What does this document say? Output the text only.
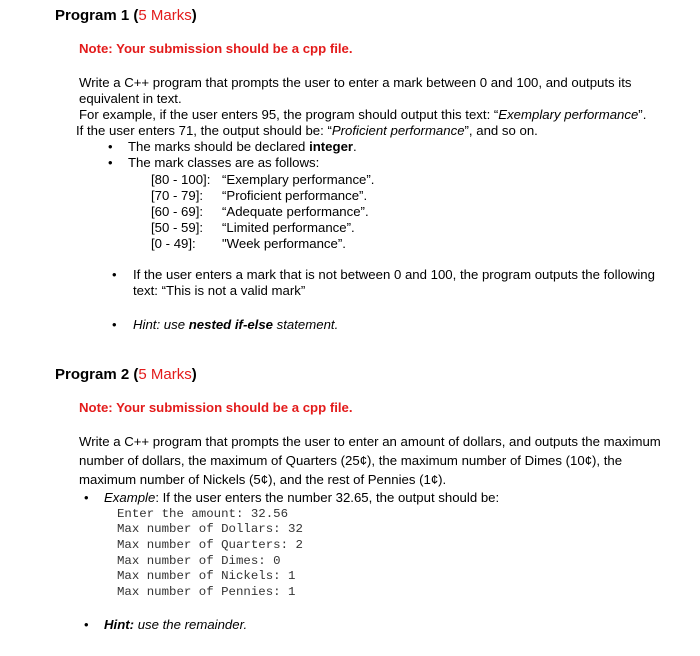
Program 1 (5 Marks)
Note: Your submission should be a cpp file.
Write a C++ program that prompts the user to enter a mark between 0 and 100, and outputs its
equivalent in text.
For example, if the user enters 95, the program should output this text: “Exemplary performance”.
If the user enters 71, the output should be: “Proficient performance”, and so on.
• The marks should be declared integer.
• The mark classes are as follows:
[80 - 100]: “Exemplary performance”.
[70 - 79]: “Proficient performance”.
[60 - 69]: “Adequate performance”.
[50 - 59]: “Limited performance”.
[0 - 49]: "Week performance”.
• If the user enters a mark that is not between 0 and 100, the program outputs the following
text: “This is not a valid mark”
• Hint: use nested if-else statement.
Program 2 (5 Marks)
Note: Your submission should be a cpp file.
Write a C++ program that prompts the user to enter an amount of dollars, and outputs the maximum
number of dollars, the maximum of Quarters (25¢), the maximum number of Dimes (10¢), the
maximum number of Nickels (5¢), and the rest of Pennies (1¢).
• Example: If the user enters the number 32.65, the output should be:
Enter the amount: 32.56
Max number of Dollars: 32
Max number of Quarters: 2
Max number of Dimes: 0
Max number of Nickels: 1
Max number of Pennies: 1
• Hint: use the remainder.
